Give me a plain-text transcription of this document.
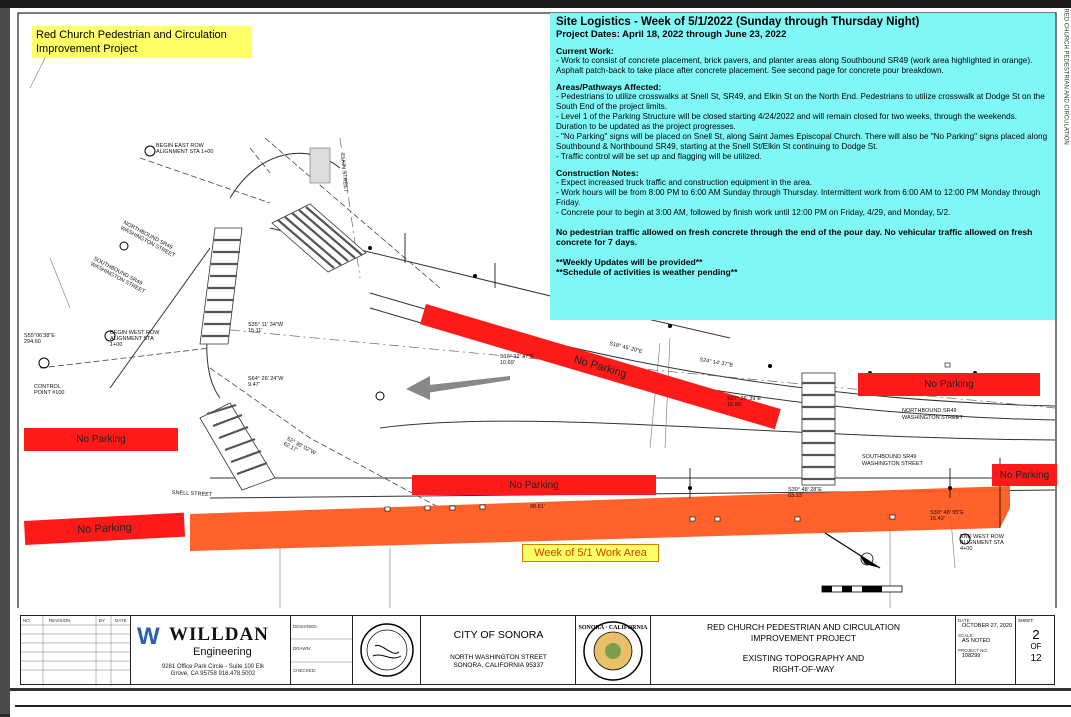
Red Church Pedestrian and Circulation Improvement Project
Site Logistics - Week of 5/1/2022 (Sunday through Thursday Night)
Project Dates: April 18, 2022 through June 23, 2022

Current Work:

- Work to consist of concrete placement, brick pavers, and planter areas along Southbound SR49 (work area highlighted in orange). Asphalt patch-back to take place after concrete placement. See second page for concrete pour breakdown.

Areas/Pathways Affected:

- Pedestrians to utilize crosswalks at Snell St, SR49, and Elkin St on the North End. Pedestrians to utilize crosswalk at Dodge St on the South End of the project limits.

- Level 1 of the Parking Structure will be closed starting 4/24/2022 and will remain closed for two weeks, through the weekends. Duration to be updated as the project progresses.

- "No Parking" signs will be placed on Snell St, along Saint James Episcopal Church. There will also be "No Parking" signs placed along Southbound & Northbound SR49, starting at the Snell St/Elkin St continuing to Dodge St.

- Traffic control will be set up and flagging will be utilized.

Construction Notes:

- Expect increased truck traffic and construction equipment in the area.

- Work hours will be from 8:00 PM to 6:00 AM Sunday through Thursday. Intermittent work from 6:00 AM to 12:00 PM Monday through Friday.

- Concrete pour to begin at 3:00 AM, followed by finish work until 12:00 PM on Friday, 4/29, and Monday, 5/2.

No pedestrian traffic allowed on fresh concrete through the end of the pour day. No vehicular traffic allowed on fresh concrete for 7 days.

**Weekly Updates will be provided**

**Schedule of activities is weather pending**

No Parking
No Parking
No Parking
No Parking
No Parking
No Parking
Week of 5/1 Work Area
NORTHBOUND SR49 WASHINGTON STREET
SOUTHBOUND SR49 WASHINGTON STREET
NORTHBOUND SR49 WASHINGTON STREET
SOUTHBOUND SR49 WASHINGTON STREET
SNELL STREET
ELKIN STREET
BEGIN EAST ROW ALIGNMENT STA 1+00
BEGIN WEST ROW ALIGNMENT STA 1+00
END WEST ROW ALIGNMENT STA 4+00
CONTROL POINT #100
S55°06'38"E 294.60
S35° 11' 34"W 15.11'
S64° 26' 24"W 9.47'
S2° 30' 02"W 62.17'
S16° 12' 47"E 10.69'
S18° 45' 20"E
S24° 14' 37"E
S27° 26' 39"E 16.96'
S30° 48' 28"E 83.33'
S30° 48' 55"E 16.42'
98.61'
RED CHURCH PEDESTRIAN AND CIRCULATION
NO.	REVISION	BY DATE
W WILLDAN
Engineering
9281 Office Park Circle - Suite 100 Elk Grove, CA 95758 916.478.5002
DESIGNED:
DRAWN:
CHECKED:
CITY OF SONORA
NORTH WASHINGTON STREET
SONORA, CALIFORNIA 95337
SONORA · CALIFORNIA	RED CHURCH PEDESTRIAN AND CIRCULATION
IMPROVEMENT PROJECT
EXISTING TOPOGRAPHY AND
RIGHT-OF-WAY
DATE:
OCTOBER 27, 2020
SCALE:
AS NOTED
PROJECT NO.
108299
SHEET:
2
OF
12
